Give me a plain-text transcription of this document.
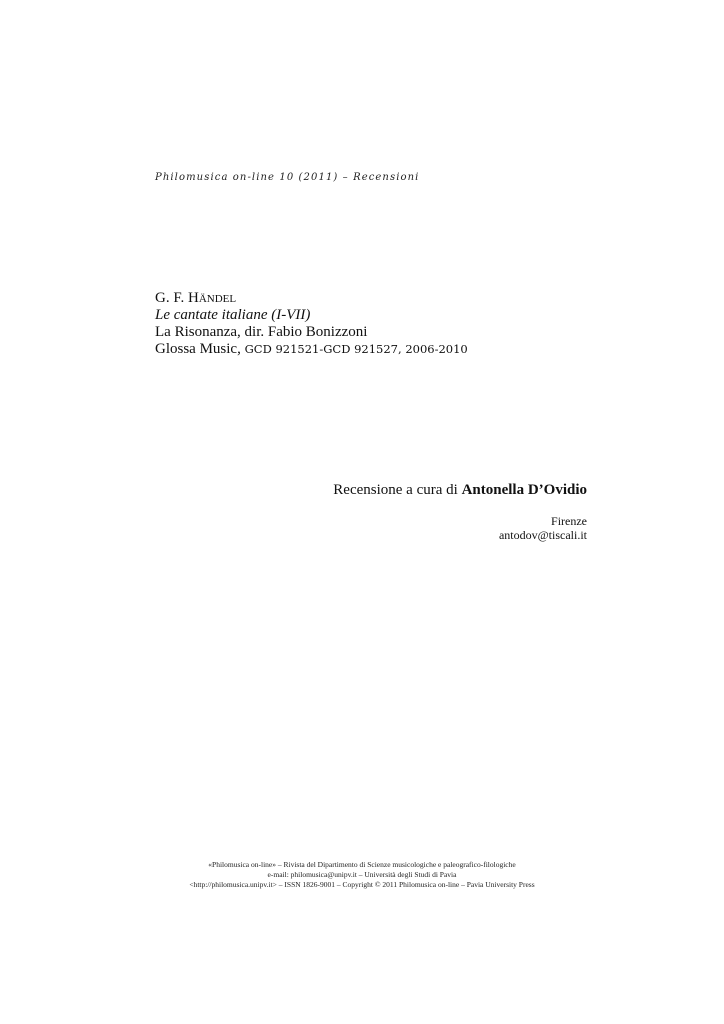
Philomusica on-line 10 (2011) – Recensioni
G. F. Händel
Le cantate italiane (I-VII)
La Risonanza, dir. Fabio Bonizzoni
Glossa Music, GCD 921521-GCD 921527, 2006-2010
Recensione a cura di Antonella D’Ovidio
Firenze
antodov@tiscali.it
«Philomusica on-line» – Rivista del Dipartimento di Scienze musicologiche e paleografico-filologiche
e-mail: philomusica@unipv.it – Università degli Studi di Pavia
<http://philomusica.unipv.it> – ISSN 1826-9001 – Copyright © 2011 Philomusica on-line – Pavia University Press
